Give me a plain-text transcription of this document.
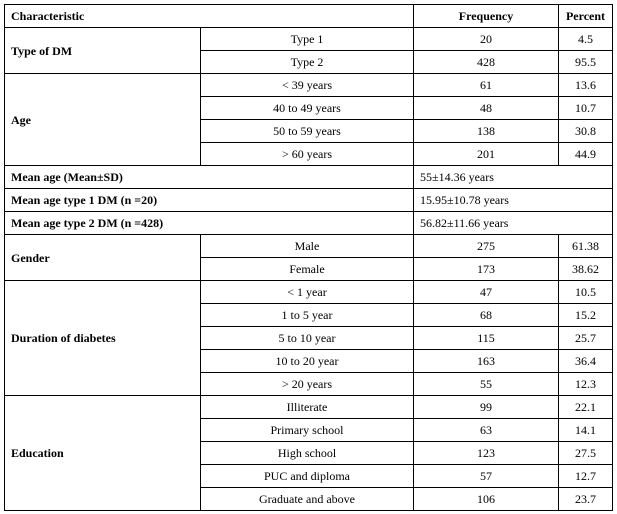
Characteristic		Frequency	Percent
Type of DM	Type 1	20	4.5
	Type 2	428	95.5
Age	< 39 years	61	13.6
	40 to 49 years	48	10.7
	50 to 59 years	138	30.8
	> 60 years	201	44.9
Mean age (Mean±SD)		55±14.36 years	
Mean age type 1 DM (n =20)		15.95±10.78 years	
Mean age type 2 DM (n =428)		56.82±11.66 years	
Gender	Male	275	61.38
	Female	173	38.62
Duration of diabetes	< 1 year	47	10.5
	1 to 5 year	68	15.2
	5 to 10 year	115	25.7
	10 to 20 year	163	36.4
	> 20 years	55	12.3
Education	Illiterate	99	22.1
	Primary school	63	14.1
	High school	123	27.5
	PUC and diploma	57	12.7
	Graduate and above	106	23.7
